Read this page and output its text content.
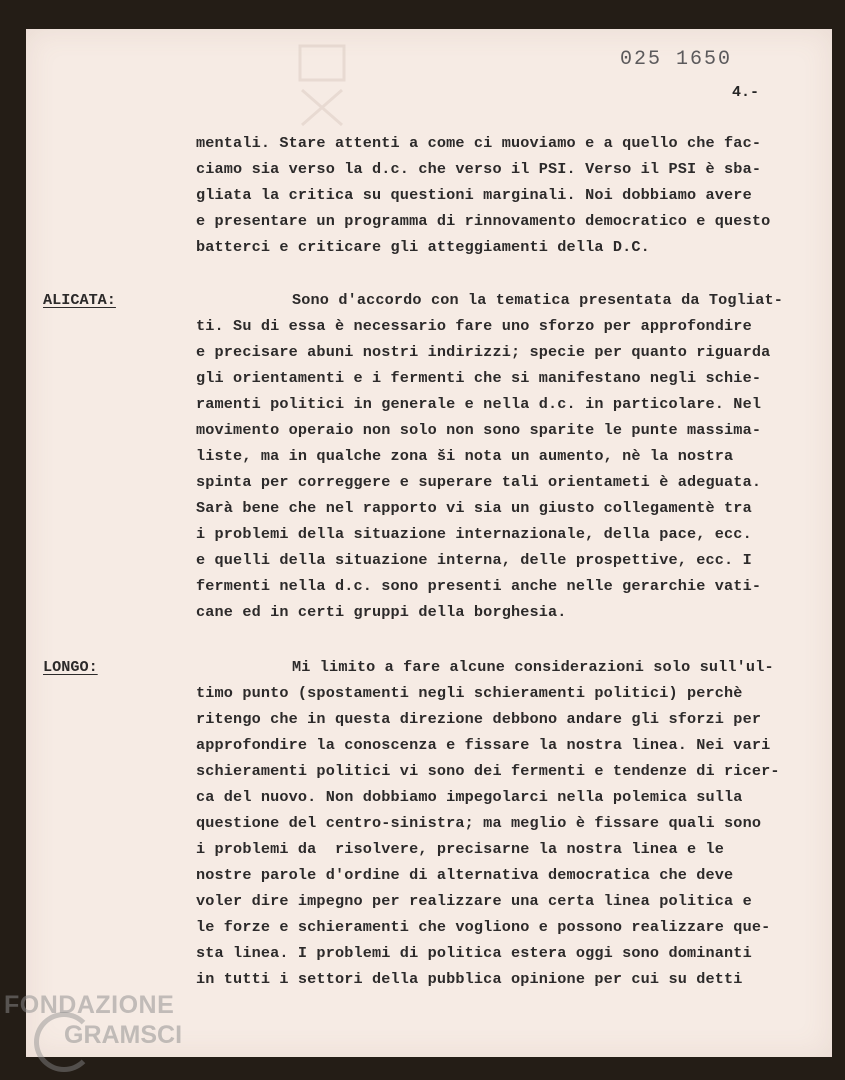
025 1650
4.-
mentali. Stare attenti a come ci muoviamo e a quello che fac-
ciamo sia verso la d.c. che verso il PSI. Verso il PSI è sba-
gliata la critica su questioni marginali. Noi dobbiamo avere
e presentare un programma di rinnovamento democratico e questo
batterci e criticare gli atteggiamenti della D.C.
ALICATA:	Sono d'accordo con la tematica presentata da Togliat-
ti. Su di essa è necessario fare uno sforzo per approfondire
e precisare abuni nostri indirizzi; specie per quanto riguarda
gli orientamenti e i fermenti che si manifestano negli schie-
ramenti politici in generale e nella d.c. in particolare. Nel
movimento operaio non solo non sono sparite le punte massima-
liste, ma in qualche zona ši nota un aumento, nè la nostra
spinta per correggere e superare tali orientameti è adeguata.
Sarà bene che nel rapporto vi sia un giusto collegamentè tra
i problemi della situazione internazionale, della pace, ecc.
e quelli della situazione interna, delle prospettive, ecc. I
fermenti nella d.c. sono presenti anche nelle gerarchie vati-
cane ed in certi gruppi della borghesia.
LONGO:	Mi limito a fare alcune considerazioni solo sull'ul-
timo punto (spostamenti negli schieramenti politici) perchè
ritengo che in questa direzione debbono andare gli sforzi per
approfondire la conoscenza e fissare la nostra linea. Nei vari
schieramenti politici vi sono dei fermenti e tendenze di ricer-
ca del nuovo. Non dobbiamo impegolarci nella polemica sulla
questione del centro-sinistra; ma meglio è fissare quali sono
i problemi da  risolvere, precisarne la nostra linea e le
nostre parole d'ordine di alternativa democratica che deve
voler dire impegno per realizzare una certa linea politica e
le forze e schieramenti che vogliono e possono realizzare que-
sta linea. I problemi di politica estera oggi sono dominanti
in tutti i settori della pubblica opinione per cui su detti
FONDAZIONE
GRAMSCI
